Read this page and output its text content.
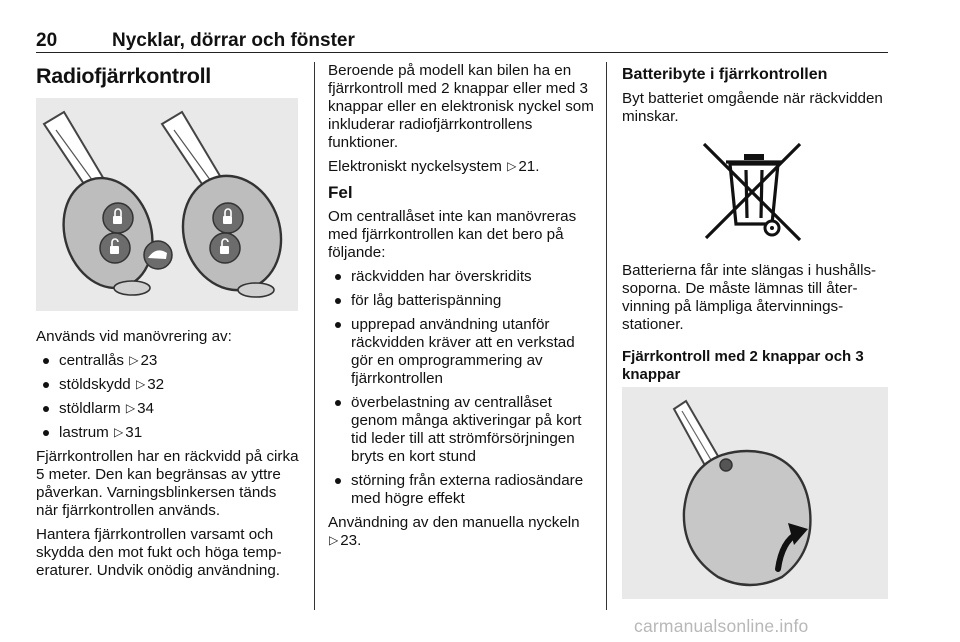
20	Nycklar, dörrar och fönster
Radiofjärrkontroll

Används vid manövrering av:

centrallås ▷ 23
stöldskydd ▷ 32
stöldlarm ▷ 34
lastrum ▷ 31

Fjärrkontrollen har en räckvidd på cirka 5 meter. Den kan begränsas av yttre påverkan. Varningsblinkersen tänds när fjärrkontrollen används.

Hantera fjärrkontrollen varsamt och skydda den mot fukt och höga temperaturer. Undvik onödig användning.

Beroende på modell kan bilen ha en fjärrkontroll med 2 knappar eller med 3 knappar eller en elektronisk nyckel som inkluderar radiofjärrkontrollens funktioner.

Elektroniskt nyckelsystem ▷ 21.

Fel

Om centrallåset inte kan manövreras med fjärrkontrollen kan det bero på följande:

räckvidden har överskridits
för låg batterispänning
upprepad användning utanför räckvidden kräver att en verkstad gör en omprogrammering av fjärrkontrollen
överbelastning av centrallåset genom många aktiveringar på kort tid leder till att strömförsörjningen bryts en kort stund
störning från externa radiosändare med högre effekt

Användning av den manuella nyckeln ▷ 23.

Batteribyte i fjärrkontrollen

Byt batteriet omgående när räckvidden minskar.

Batterierna får inte slängas i hushållssoporna. De måste lämnas till återvinning på lämpliga återvinningsstationer.

Fjärrkontroll med 2 knappar och 3 knappar
carmanualsonline.info
